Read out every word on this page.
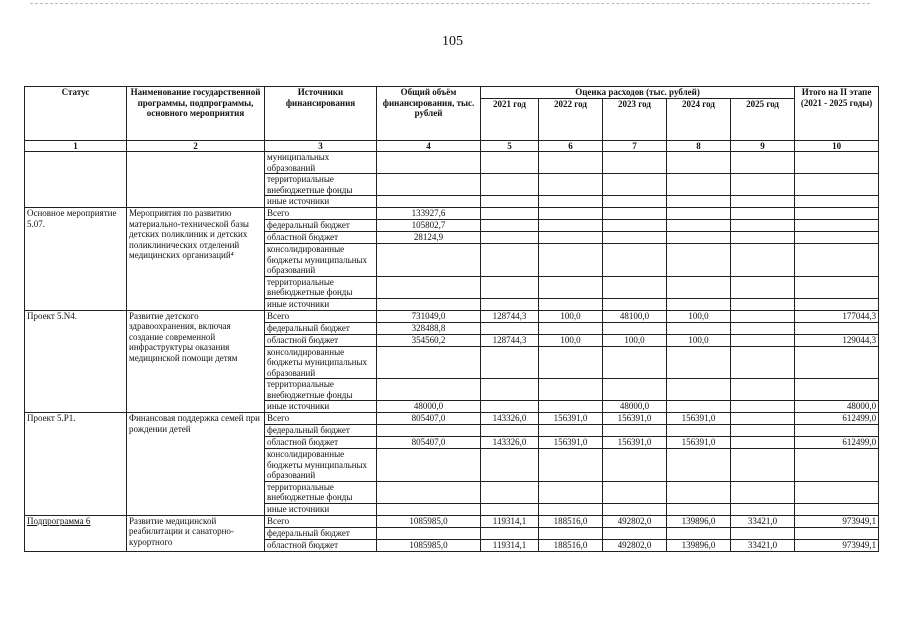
105
Статус	Наименование государственной программы, подпрограммы, основного мероприятия	Источники финансирования	Общий объём финансирования, тыс. рублей	Оценка расходов (тыс. рублей)					Итого на II этапе (2021 - 2025 годы)
				2021 год	2022 год	2023 год	2024 год	2025 год	
1	2	3	4	5	6	7	8	9	10
		муниципальных образований							
		территориальные внебюджетные фонды							
		иные источники							
Основное мероприятие 5.07.	Мероприятия по развитию материально-технической базы детских поликлиник и детских поликлинических отделений медицинских организаций⁴	Всего	133927,6						
		федеральный бюджет	105802,7						
		областной бюджет	28124,9						
		консолидированные бюджеты муниципальных образований							
		территориальные внебюджетные фонды							
		иные источники							
Проект 5.N4.	Развитие детского здравоохранения, включая создание современной инфраструктуры оказания медицинской помощи детям	Всего	731049,0	128744,3	100,0	48100,0	100,0		177044,3
		федеральный бюджет	328488,8						
		областной бюджет	354560,2	128744,3	100,0	100,0	100,0		129044,3
		консолидированные бюджеты муниципальных образований							
		территориальные внебюджетные фонды							
		иные источники	48000,0			48000,0			48000,0
Проект 5.Р1.	Финансовая поддержка семей при рождении детей	Всего	805407,0	143326,0	156391,0	156391,0	156391,0		612499,0
		федеральный бюджет							
		областной бюджет	805407,0	143326,0	156391,0	156391,0	156391,0		612499,0
		консолидированные бюджеты муниципальных образований							
		территориальные внебюджетные фонды							
		иные источники							
Подпрограмма 6	Развитие медицинской реабилитации и санаторно-курортного	Всего	1085985,0	119314,1	188516,0	492802,0	139896,0	33421,0	973949,1
		федеральный бюджет							
		областной бюджет	1085985,0	119314,1	188516,0	492802,0	139896,0	33421,0	973949,1
